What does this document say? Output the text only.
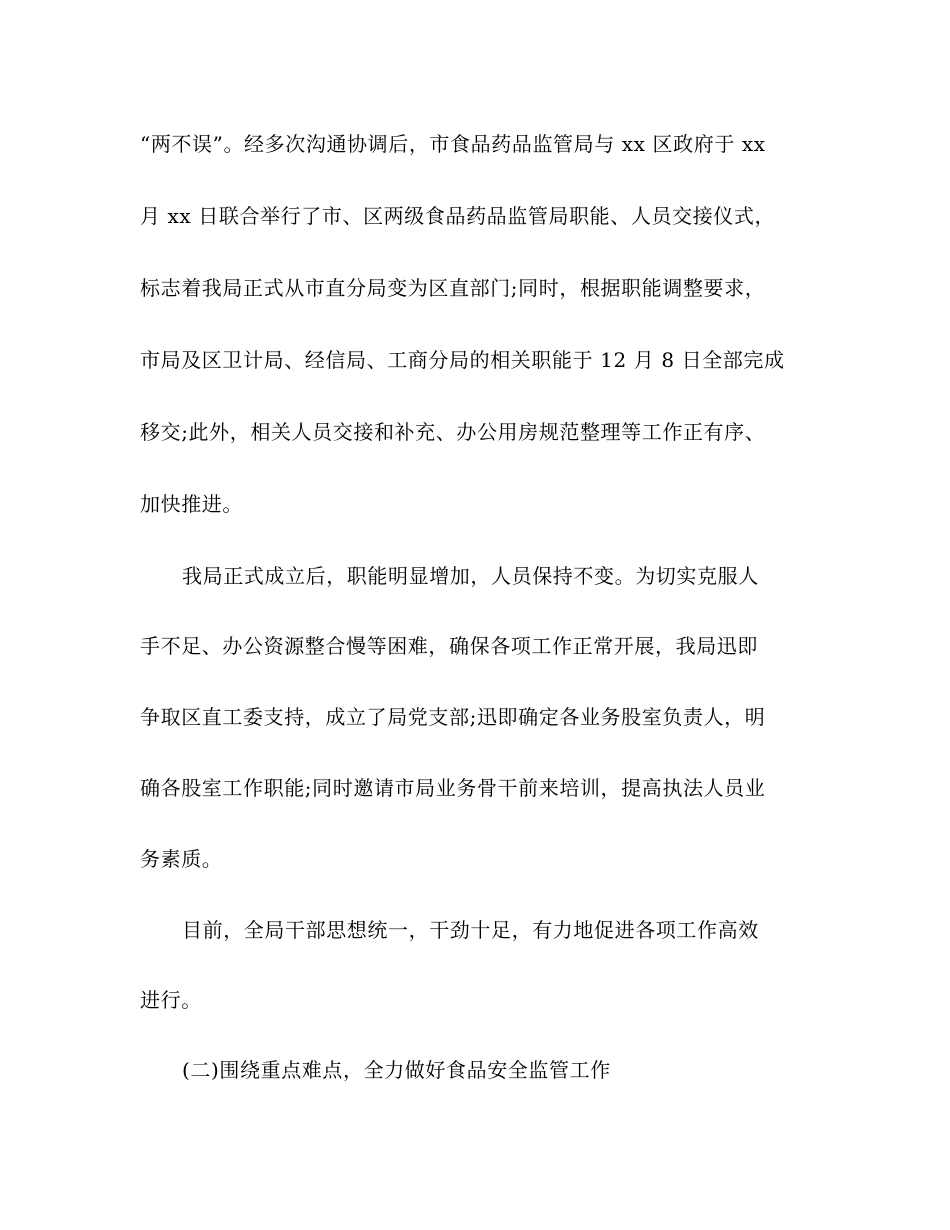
“两不误”。经多次沟通协调后，市食品药品监管局与 xx 区政府于 xx
月 xx 日联合举行了市、区两级食品药品监管局职能、人员交接仪式，
标志着我局正式从市直分局变为区直部门;同时，根据职能调整要求，
市局及区卫计局、经信局、工商分局的相关职能于 12 月 8 日全部完成
移交;此外，相关人员交接和补充、办公用房规范整理等工作正有序、
加快推进。
我局正式成立后，职能明显增加，人员保持不变。为切实克服人
手不足、办公资源整合慢等困难，确保各项工作正常开展，我局迅即
争取区直工委支持，成立了局党支部;迅即确定各业务股室负责人，明
确各股室工作职能;同时邀请市局业务骨干前来培训，提高执法人员业
务素质。
目前，全局干部思想统一，干劲十足，有力地促进各项工作高效
进行。
(二)围绕重点难点，全力做好食品安全监管工作
